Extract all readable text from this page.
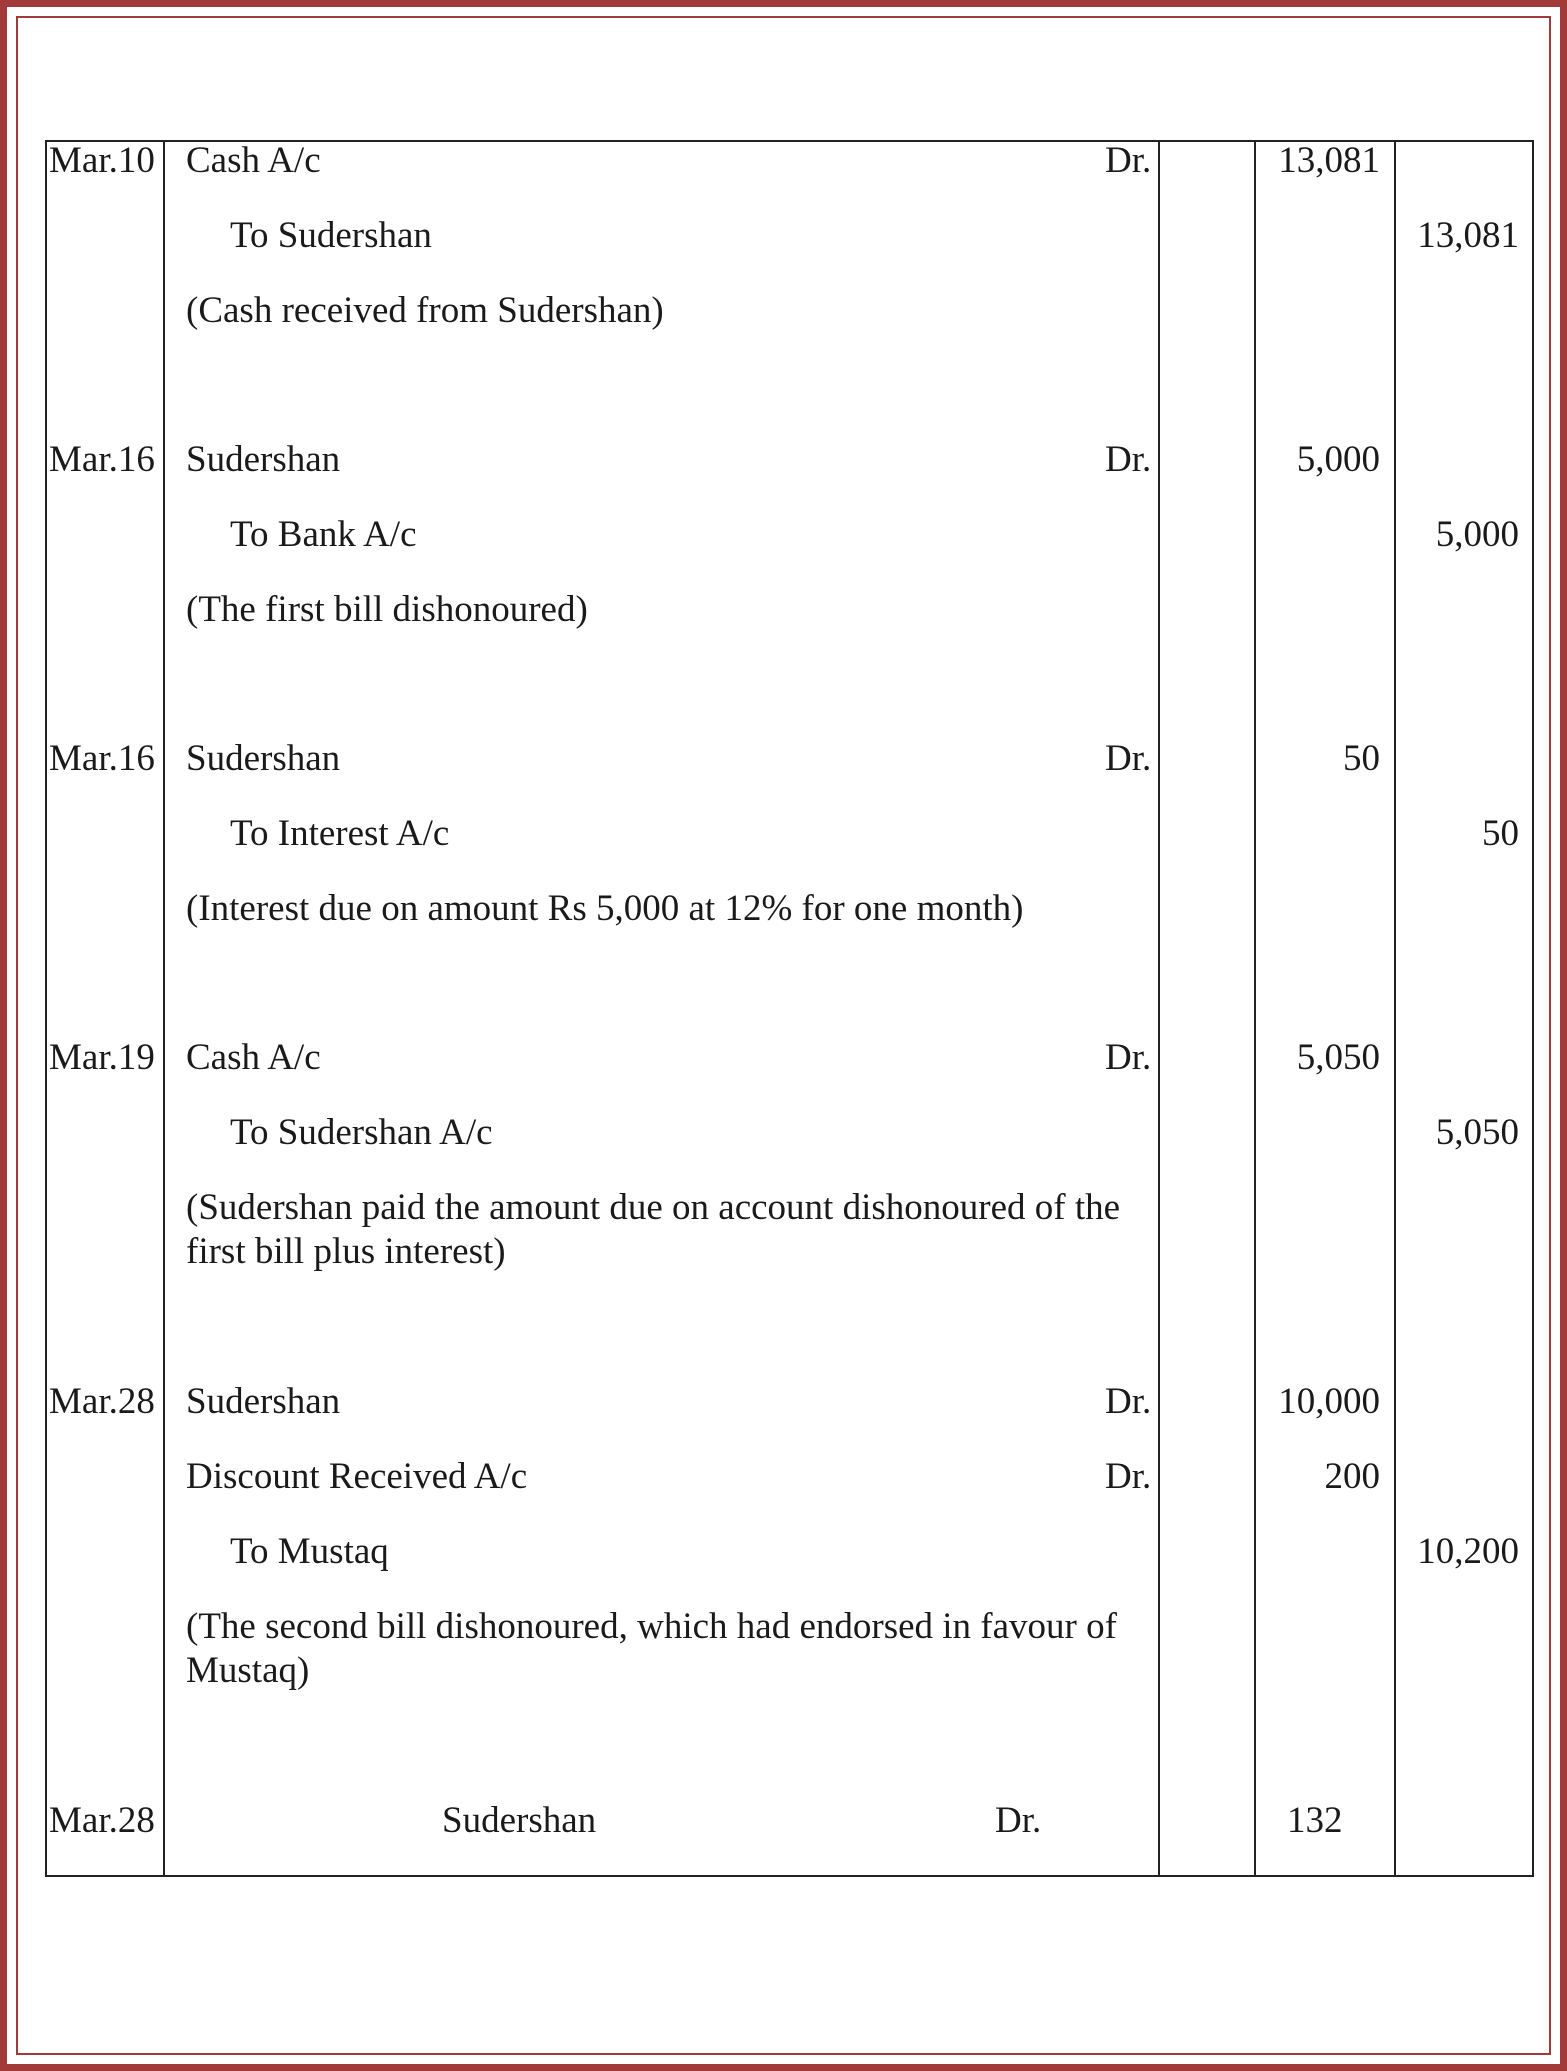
Mar.10 Cash A/c	Dr.	13,081
To Sudershan	13,081
(Cash received from Sudershan)
Mar.16 Sudershan	Dr.	5,000
To Bank A/c	5,000
(The first bill dishonoured)
Mar.16 Sudershan	Dr.	50
To Interest A/c	50
(Interest due on amount Rs 5,000 at 12% for one month)
Mar.19 Cash A/c	Dr.	5,050
To Sudershan A/c	5,050
(Sudershan paid the amount due on account dishonoured of the first bill plus interest)
Mar.28 Sudershan	Dr.	10,000
Discount Received A/c	Dr.	200
To Mustaq	10,200
(The second bill dishonoured, which had endorsed in favour of Mustaq)
Mar.28	Sudershan	Dr.	132
